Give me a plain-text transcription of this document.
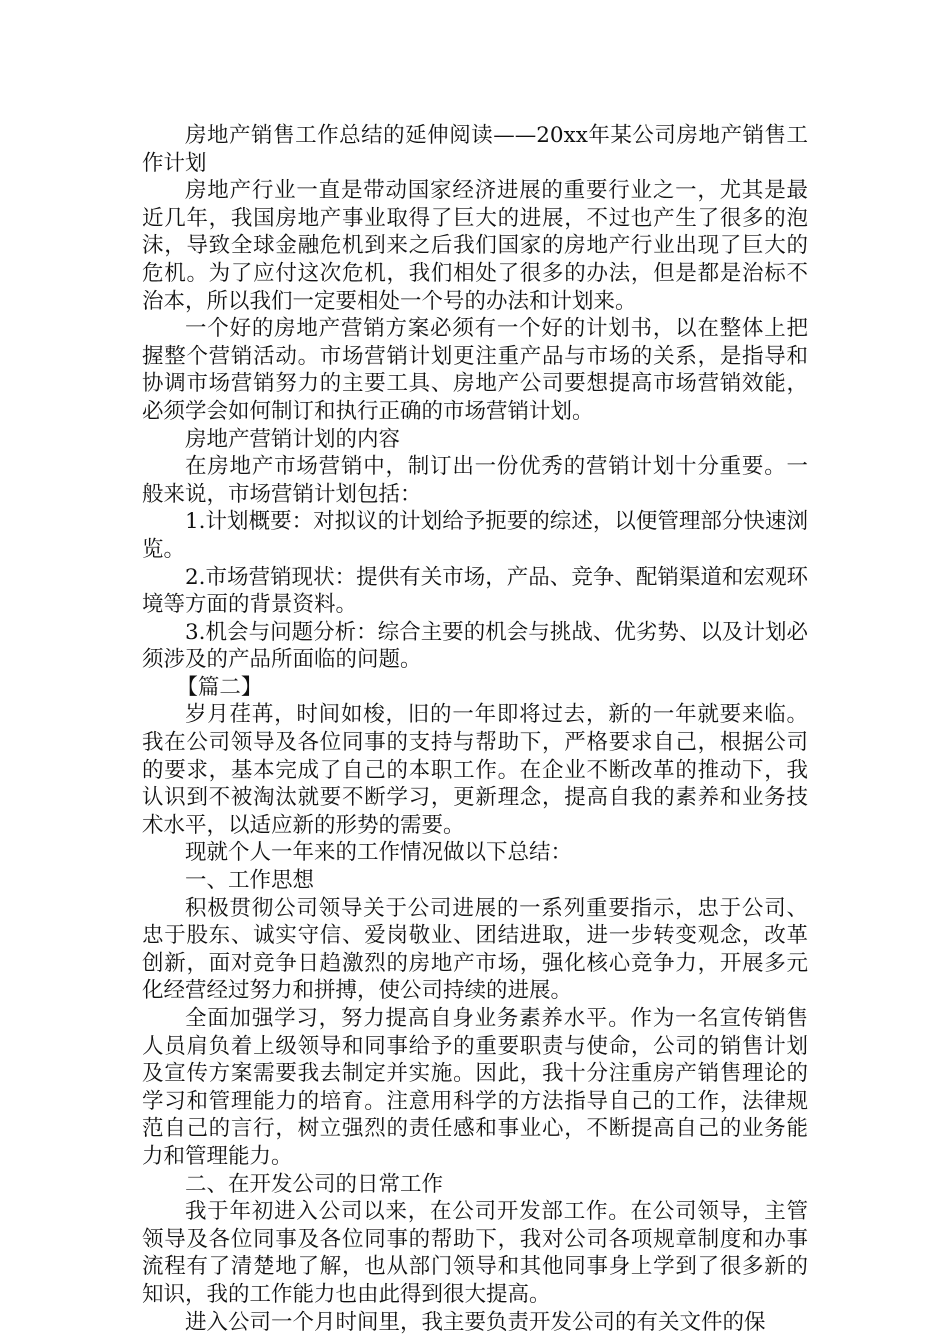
房地产销售工作总结的延伸阅读——20xx年某公司房地产销售工作计划

房地产行业一直是带动国家经济进展的重要行业之一，尤其是最近几年，我国房地产事业取得了巨大的进展，不过也产生了很多的泡沫，导致全球金融危机到来之后我们国家的房地产行业出现了巨大的危机。为了应付这次危机，我们相处了很多的办法，但是都是治标不治本，所以我们一定要相处一个号的办法和计划来。

一个好的房地产营销方案必须有一个好的计划书，以在整体上把握整个营销活动。市场营销计划更注重产品与市场的关系，是指导和协调市场营销努力的主要工具、房地产公司要想提高市场营销效能，必须学会如何制订和执行正确的市场营销计划。

房地产营销计划的内容

在房地产市场营销中，制订出一份优秀的营销计划十分重要。一般来说，市场营销计划包括：

1.计划概要：对拟议的计划给予扼要的综述，以便管理部分快速浏览。

2.市场营销现状：提供有关市场，产品、竞争、配销渠道和宏观环境等方面的背景资料。

3.机会与问题分析：综合主要的机会与挑战、优劣势、以及计划必须涉及的产品所面临的问题。

【篇二】

岁月荏苒，时间如梭，旧的一年即将过去，新的一年就要来临。我在公司领导及各位同事的支持与帮助下，严格要求自己，根据公司的要求，基本完成了自己的本职工作。在企业不断改革的推动下，我认识到不被淘汰就要不断学习，更新理念，提高自我的素养和业务技术水平，以适应新的形势的需要。

现就个人一年来的工作情况做以下总结：

一、工作思想

积极贯彻公司领导关于公司进展的一系列重要指示，忠于公司、忠于股东、诚实守信、爱岗敬业、团结进取，进一步转变观念，改革创新，面对竞争日趋激烈的房地产市场，强化核心竞争力，开展多元化经营经过努力和拼搏，使公司持续的进展。

全面加强学习，努力提高自身业务素养水平。作为一名宣传销售人员肩负着上级领导和同事给予的重要职责与使命，公司的销售计划及宣传方案需要我去制定并实施。因此，我十分注重房产销售理论的学习和管理能力的培育。注意用科学的方法指导自己的工作，法律规范自己的言行，树立强烈的责任感和事业心，不断提高自己的业务能力和管理能力。

二、在开发公司的日常工作

我于年初进入公司以来，在公司开发部工作。在公司领导，主管领导及各位同事及各位同事的帮助下，我对公司各项规章制度和办事流程有了清楚地了解，也从部门领导和其他同事身上学到了很多新的知识，我的工作能力也由此得到很大提高。

进入公司一个月时间里，我主要负责开发公司的有关文件的保
